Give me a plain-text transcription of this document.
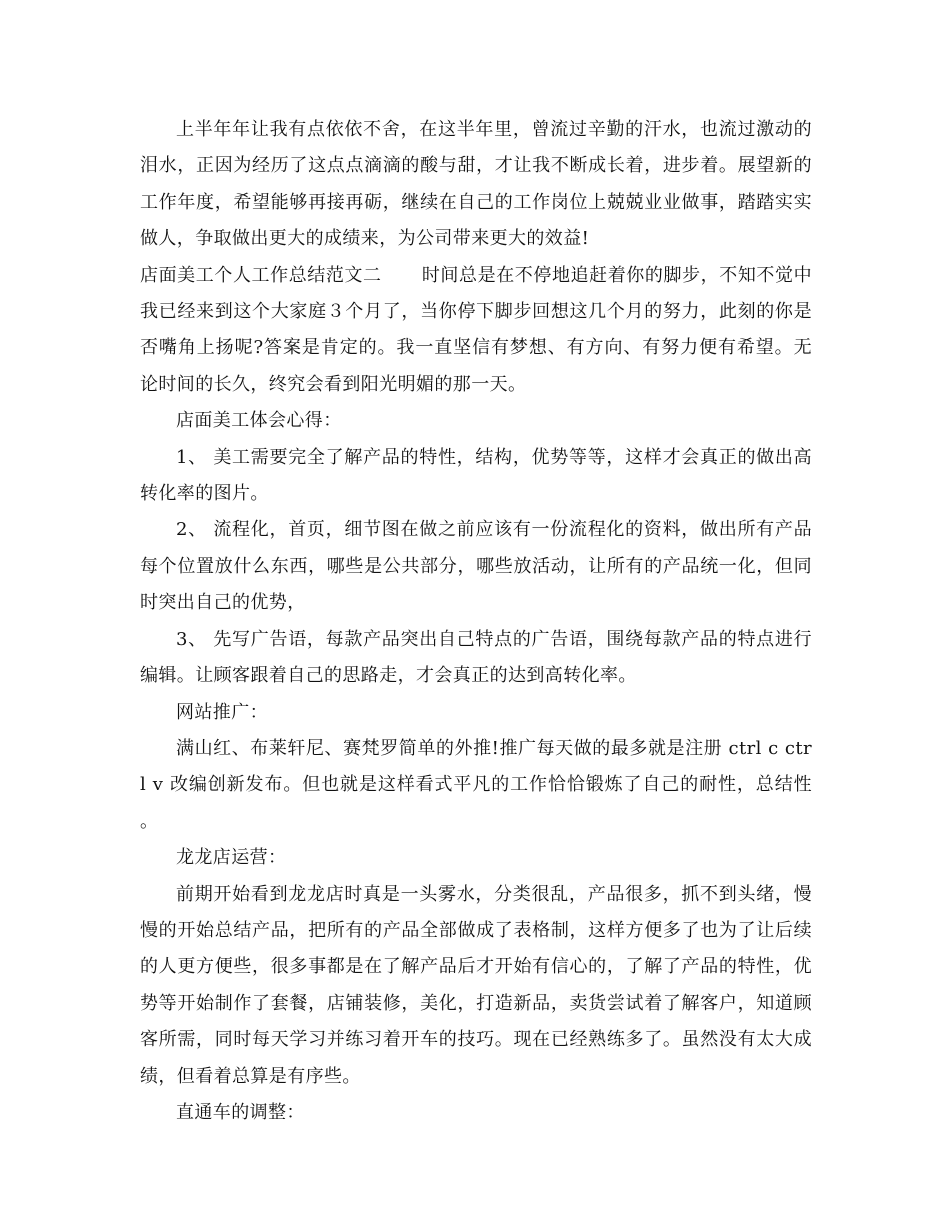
上半年年让我有点依依不舍，在这半年里，曾流过辛勤的汗水，也流过激动的泪水，正因为经历了这点点滴滴的酸与甜，才让我不断成长着，进步着。展望新的工作年度，希望能够再接再砺，继续在自己的工作岗位上兢兢业业做事，踏踏实实做人，争取做出更大的成绩来，为公司带来更大的效益!

店面美工个人工作总结范文二 时间总是在不停地追赶着你的脚步，不知不觉中我已经来到这个大家庭３个月了，当你停下脚步回想这几个月的努力，此刻的你是否嘴角上扬呢?答案是肯定的。我一直坚信有梦想、有方向、有努力便有希望。无论时间的长久，终究会看到阳光明媚的那一天。

店面美工体会心得：

1、 美工需要完全了解产品的特性，结构，优势等等，这样才会真正的做出高转化率的图片。

2、 流程化，首页，细节图在做之前应该有一份流程化的资料，做出所有产品每个位置放什么东西，哪些是公共部分，哪些放活动，让所有的产品统一化，但同时突出自己的优势，

3、 先写广告语，每款产品突出自己特点的广告语，围绕每款产品的特点进行编辑。让顾客跟着自己的思路走，才会真正的达到高转化率。

网站推广：

满山红、布莱轩尼、赛梵罗简单的外推!推广每天做的最多就是注册 ctrl c ctrl v 改编创新发布。但也就是这样看式平凡的工作恰恰锻炼了自己的耐性，总结性。

龙龙店运营：

前期开始看到龙龙店时真是一头雾水，分类很乱，产品很多，抓不到头绪，慢慢的开始总结产品，把所有的产品全部做成了表格制，这样方便多了也为了让后续的人更方便些，很多事都是在了解产品后才开始有信心的，了解了产品的特性，优势等开始制作了套餐，店铺装修，美化，打造新品，卖货尝试着了解客户，知道顾客所需，同时每天学习并练习着开车的技巧。现在已经熟练多了。虽然没有太大成绩，但看着总算是有序些。

直通车的调整：
